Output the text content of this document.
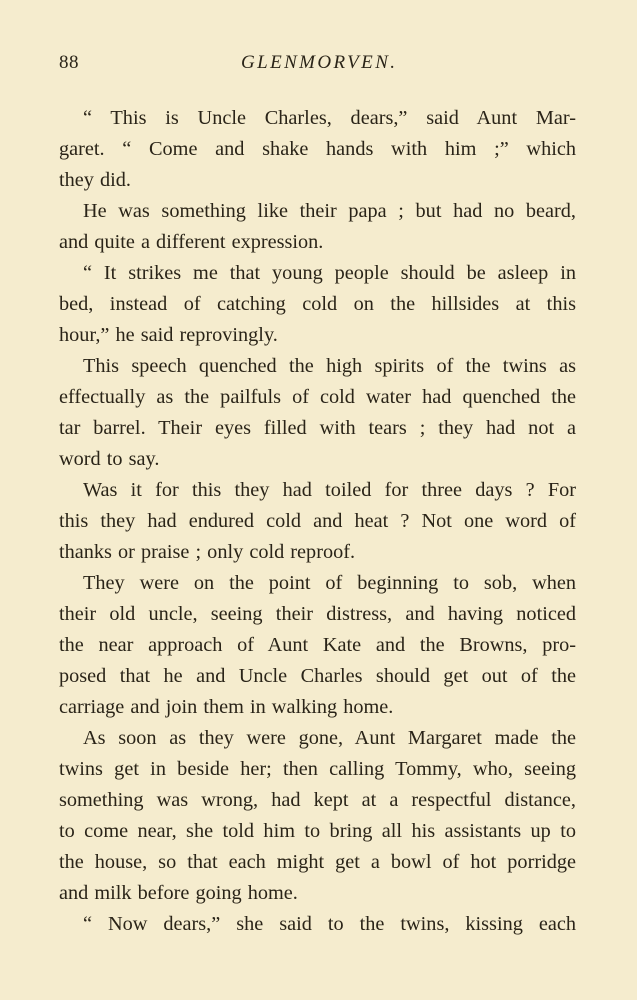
88	GLENMORVEN.
“ This is Uncle Charles, dears,” said Aunt Mar-
garet. “ Come and shake hands with him ;” which
they did.
He was something like their papa ; but had no beard,
and quite a different expression.
“ It strikes me that young people should be asleep in
bed, instead of catching cold on the hillsides at this
hour,” he said reprovingly.
This speech quenched the high spirits of the twins as
effectually as the pailfuls of cold water had quenched the
tar barrel. Their eyes filled with tears ; they had not a
word to say.
Was it for this they had toiled for three days ? For
this they had endured cold and heat ? Not one word of
thanks or praise ; only cold reproof.
They were on the point of beginning to sob, when
their old uncle, seeing their distress, and having noticed
the near approach of Aunt Kate and the Browns, pro-
posed that he and Uncle Charles should get out of the
carriage and join them in walking home.
As soon as they were gone, Aunt Margaret made the
twins get in beside her; then calling Tommy, who, seeing
something was wrong, had kept at a respectful distance,
to come near, she told him to bring all his assistants up to
the house, so that each might get a bowl of hot porridge
and milk before going home.
“ Now dears,” she said to the twins, kissing each
